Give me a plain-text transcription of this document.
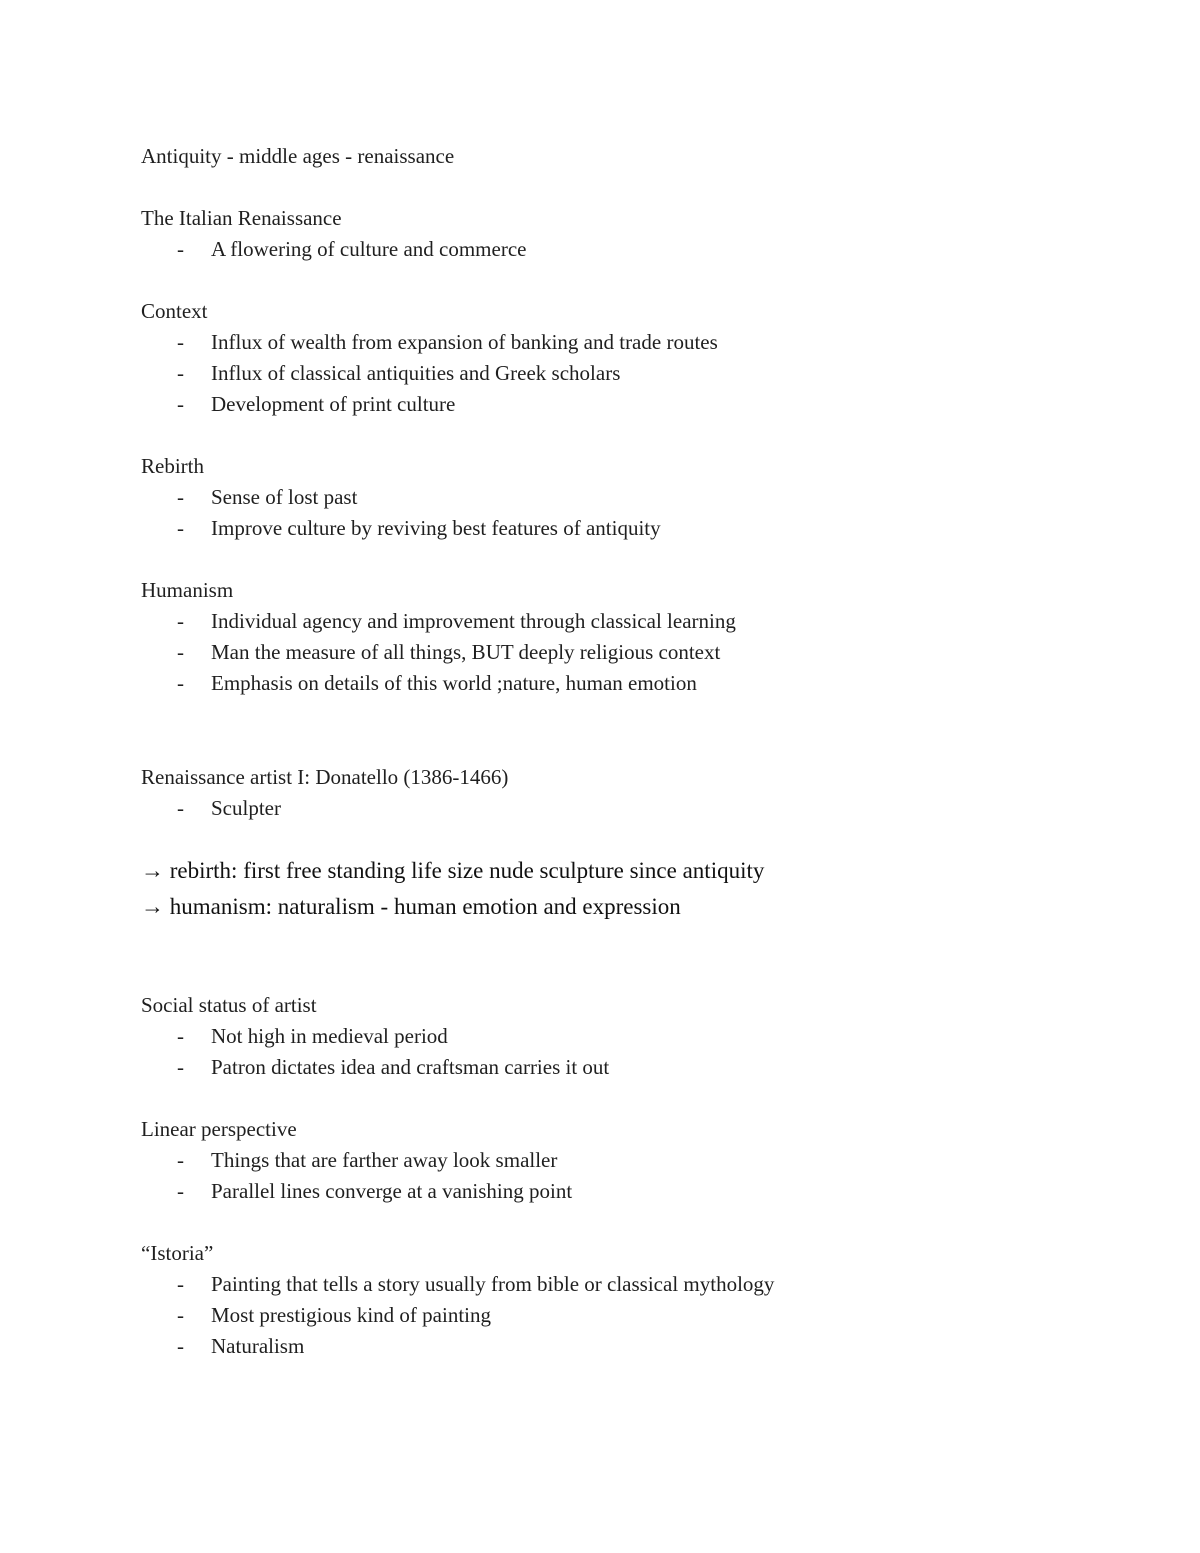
Antiquity - middle ages - renaissance
The Italian Renaissance
- A flowering of culture and commerce
Context
- Influx of wealth from expansion of banking and trade routes
- Influx of classical antiquities and Greek scholars
- Development of print culture
Rebirth
- Sense of lost past
- Improve culture by reviving best features of antiquity
Humanism
- Individual agency and improvement through classical learning
- Man the measure of all things, BUT deeply religious context
- Emphasis on details of this world ;nature, human emotion
Renaissance artist I: Donatello (1386-1466)
- Sculpter
→ rebirth: first free standing life size nude sculpture since antiquity
→ humanism: naturalism - human emotion and expression
Social status of artist
- Not high in medieval period
- Patron dictates idea and craftsman carries it out
Linear perspective
- Things that are farther away look smaller
- Parallel lines converge at a vanishing point
“Istoria”
- Painting that tells a story usually from bible or classical mythology
- Most prestigious kind of painting
- Naturalism
